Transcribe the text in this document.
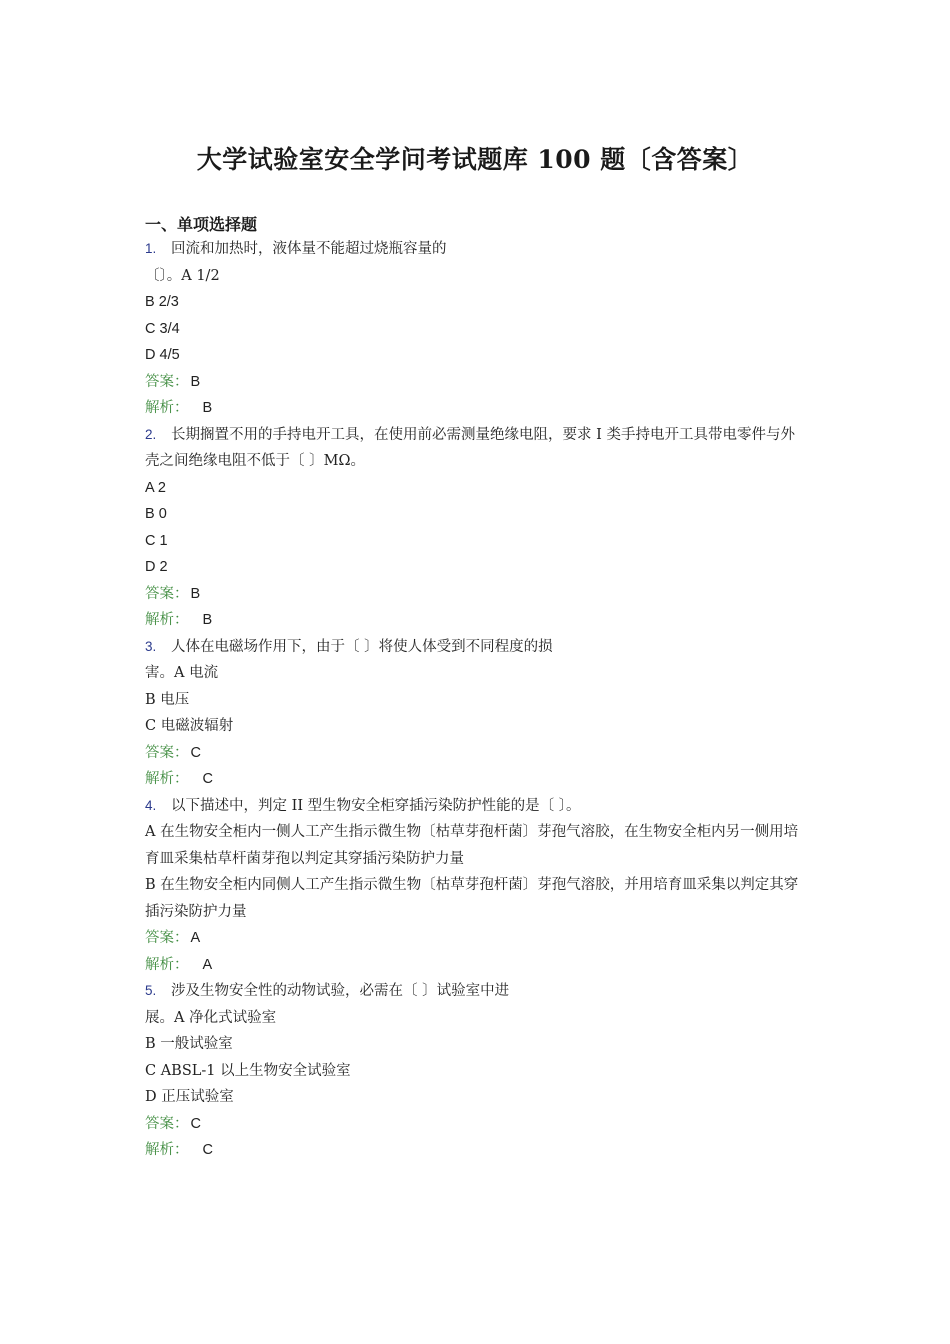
大学试验室安全学问考试题库 100 题〔含答案〕
一、单项选择题
1. 回流和加热时，液体量不能超过烧瓶容量的
〔〕。A 1/2
B 2/3
C 3/4
D 4/5
答案： B
解析： B
2. 长期搁置不用的手持电开工具，在使用前必需测量绝缘电阻，要求 I 类手持电开工具带电零件与外壳之间绝缘电阻不低于〔 〕MΩ。
A 2
B 0
C 1
D 2
答案： B
解析： B
3. 人体在电磁场作用下，由于〔 〕将使人体受到不同程度的损
害。A 电流
B 电压
C 电磁波辐射
答案： C
解析： C
4. 以下描述中，判定 II 型生物安全柜穿插污染防护性能的是〔 〕。
A 在生物安全柜内一侧人工产生指示微生物〔枯草芽孢杆菌〕芽孢气溶胶，在生物安全柜内另一侧用培育皿采集枯草杆菌芽孢以判定其穿插污染防护力量
B 在生物安全柜内同侧人工产生指示微生物〔枯草芽孢杆菌〕芽孢气溶胶，并用培育皿采集以判定其穿插污染防护力量
答案： A
解析： A
5. 涉及生物安全性的动物试验，必需在〔 〕试验室中进
展。A 净化式试验室
B 一般试验室
C ABSL-1 以上生物安全试验室
D 正压试验室
答案： C
解析： C
